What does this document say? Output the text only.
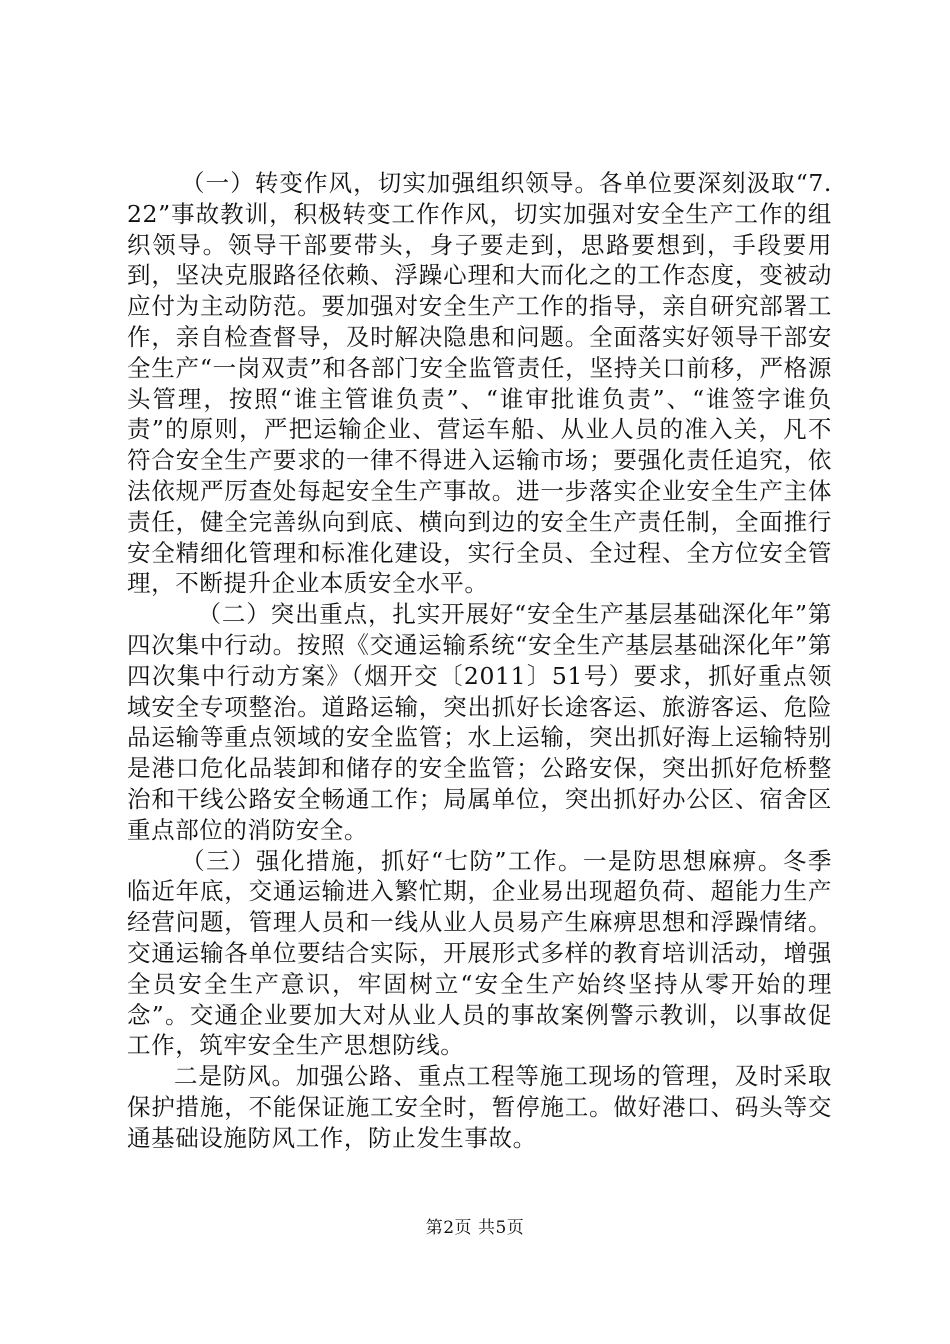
（一）转变作风，切实加强组织领导。各单位要深刻汲取“7.22”事故教训，积极转变工作作风，切实加强对安全生产工作的组织领导。领导干部要带头，身子要走到，思路要想到，手段要用到，坚决克服路径依赖、浮躁心理和大而化之的工作态度，变被动应付为主动防范。要加强对安全生产工作的指导，亲自研究部署工作，亲自检查督导，及时解决隐患和问题。全面落实好领导干部安全生产“一岗双责”和各部门安全监管责任，坚持关口前移，严格源头管理，按照“谁主管谁负责”、“谁审批谁负责”、“谁签字谁负责”的原则，严把运输企业、营运车船、从业人员的准入关，凡不符合安全生产要求的一律不得进入运输市场；要强化责任追究，依法依规严厉查处每起安全生产事故。进一步落实企业安全生产主体责任，健全完善纵向到底、横向到边的安全生产责任制，全面推行安全精细化管理和标准化建设，实行全员、全过程、全方位安全管理，不断提升企业本质安全水平。

（二）突出重点，扎实开展好“安全生产基层基础深化年”第四次集中行动。按照《交通运输系统“安全生产基层基础深化年”第四次集中行动方案》（烟开交〔2011〕51号）要求，抓好重点领域安全专项整治。道路运输，突出抓好长途客运、旅游客运、危险品运输等重点领域的安全监管；水上运输，突出抓好海上运输特别是港口危化品装卸和储存的安全监管；公路安保，突出抓好危桥整治和干线公路安全畅通工作；局属单位，突出抓好办公区、宿舍区重点部位的消防安全。

（三）强化措施，抓好“七防”工作。一是防思想麻痹。冬季临近年底，交通运输进入繁忙期，企业易出现超负荷、超能力生产经营问题，管理人员和一线从业人员易产生麻痹思想和浮躁情绪。交通运输各单位要结合实际，开展形式多样的教育培训活动，增强全员安全生产意识，牢固树立“安全生产始终坚持从零开始的理念”。交通企业要加大对从业人员的事故案例警示教训，以事故促工作，筑牢安全生产思想防线。

二是防风。加强公路、重点工程等施工现场的管理，及时采取保护措施，不能保证施工安全时，暂停施工。做好港口、码头等交通基础设施防风工作，防止发生事故。

第2页 共5页
